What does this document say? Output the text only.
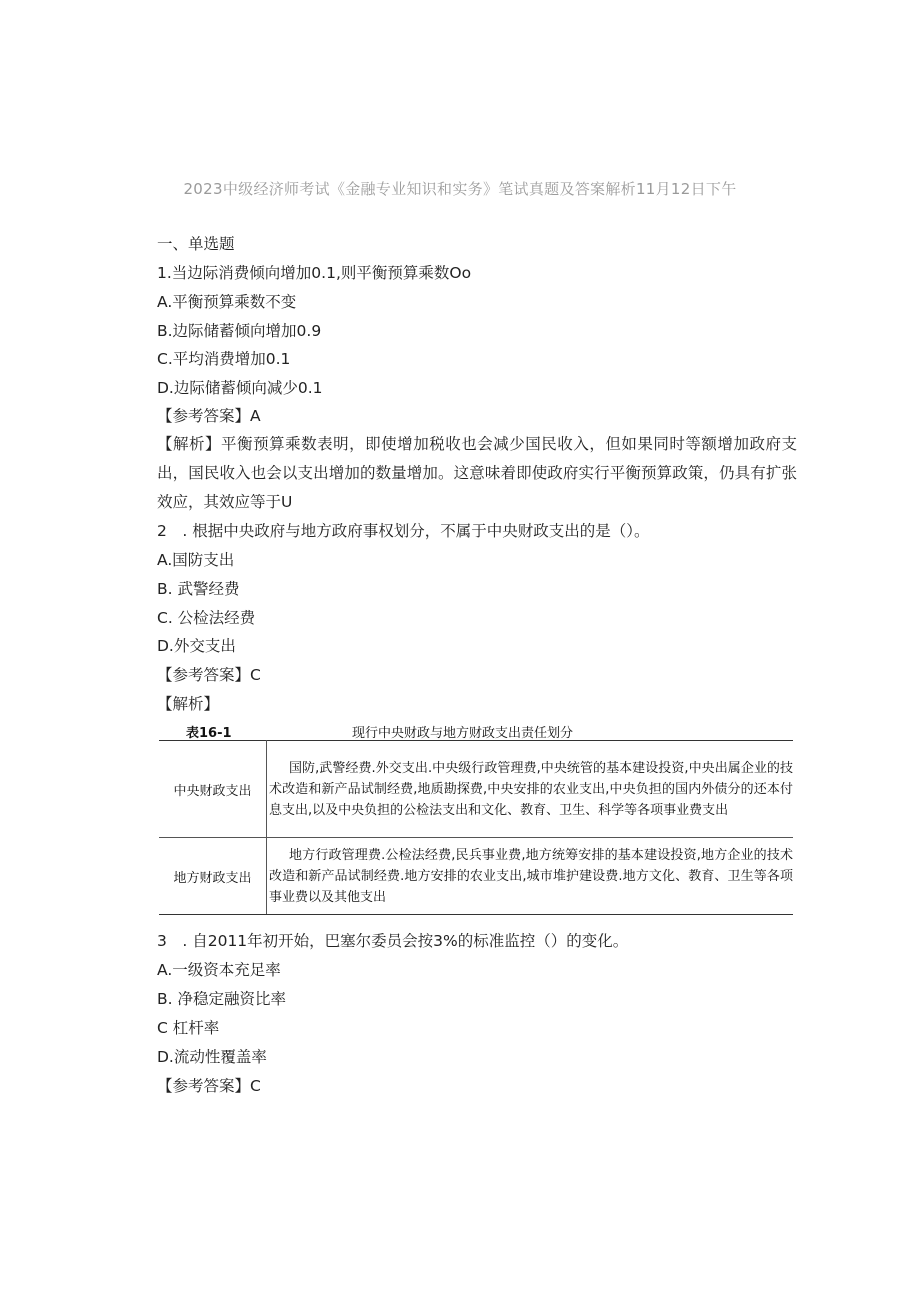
2023中级经济师考试《金融专业知识和实务》笔试真题及答案解析11月12日下午
一、单选题
1.当边际消费倾向增加0.1,则平衡预算乘数Oo
A.平衡预算乘数不变
B.边际储蓄倾向增加0.9
C.平均消费增加0.1
D.边际储蓄倾向减少0.1
【参考答案】A
【解析】平衡预算乘数表明，即使增加税收也会减少国民收入，但如果同时等额增加政府支出，国民收入也会以支出增加的数量增加。这意味着即使政府实行平衡预算政策，仍具有扩张效应，其效应等于U
2　. 根据中央政府与地方政府事权划分，不属于中央财政支出的是（）。
A.国防支出
B. 武警经费
C. 公检法经费
D.外交支出
【参考答案】C
【解析】
表16-1	现行中央财政与地方财政支出责任划分
中央财政支出	国防,武警经费.外交支出.中央级行政管理费,中央统管的基本建设投资,中央出属企业的技术改造和新产品试制经费,地质勘探费,中央安排的农业支出,中央负担的国内外债分的还本付息支出,以及中央负担的公检法支出和文化、教育、卫生、科学等各项事业费支出
地方财政支出	地方行政管理费.公检法经费,民兵事业费,地方统筹安排的基本建设投资,地方企业的技术改造和新产品试制经费.地方安排的农业支出,城市堆护建设费.地方文化、教育、卫生等各项事业费以及其他支出
3　. 自2011年初开始，巴塞尔委员会按3%的标准监控（）的变化。
A.一级资本充足率
B. 净稳定融资比率
C 杠杆率
D.流动性覆盖率
【参考答案】C
